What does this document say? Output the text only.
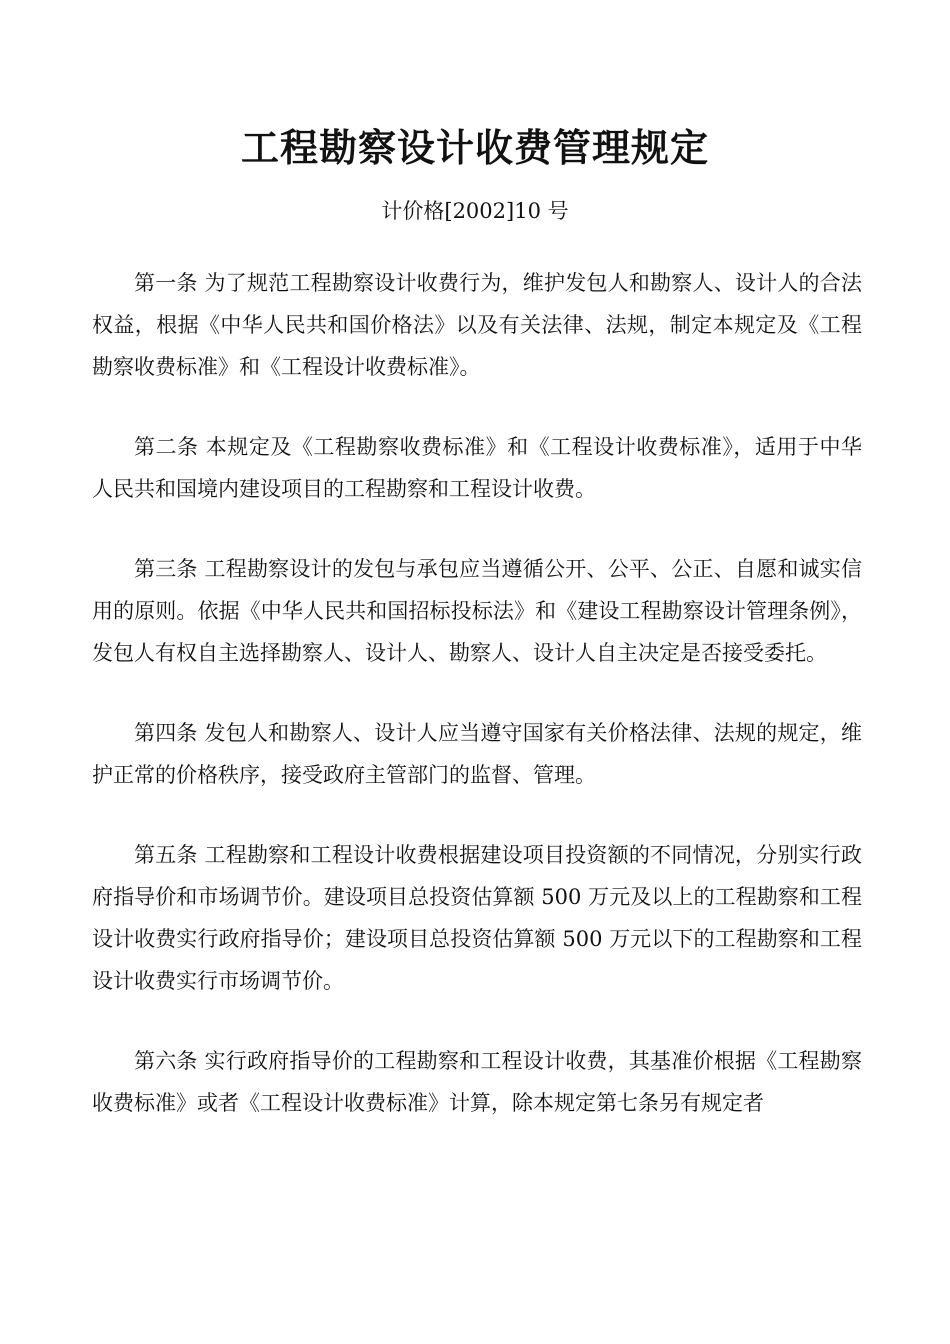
工程勘察设计收费管理规定
计价格[2002]10 号

第一条 为了规范工程勘察设计收费行为，维护发包人和勘察人、设计人的合法权益，根据《中华人民共和国价格法》以及有关法律、法规，制定本规定及《工程勘察收费标准》和《工程设计收费标准》。

第二条 本规定及《工程勘察收费标准》和《工程设计收费标准》，适用于中华人民共和国境内建设项目的工程勘察和工程设计收费。

第三条 工程勘察设计的发包与承包应当遵循公开、公平、公正、自愿和诚实信用的原则。依据《中华人民共和国招标投标法》和《建设工程勘察设计管理条例》，发包人有权自主选择勘察人、设计人、勘察人、设计人自主决定是否接受委托。

第四条 发包人和勘察人、设计人应当遵守国家有关价格法律、法规的规定，维护正常的价格秩序，接受政府主管部门的监督、管理。

第五条 工程勘察和工程设计收费根据建设项目投资额的不同情况，分别实行政府指导价和市场调节价。建设项目总投资估算额 500 万元及以上的工程勘察和工程设计收费实行政府指导价；建设项目总投资估算额 500 万元以下的工程勘察和工程设计收费实行市场调节价。

第六条 实行政府指导价的工程勘察和工程设计收费，其基准价根据《工程勘察收费标准》或者《工程设计收费标准》计算，除本规定第七条另有规定者
